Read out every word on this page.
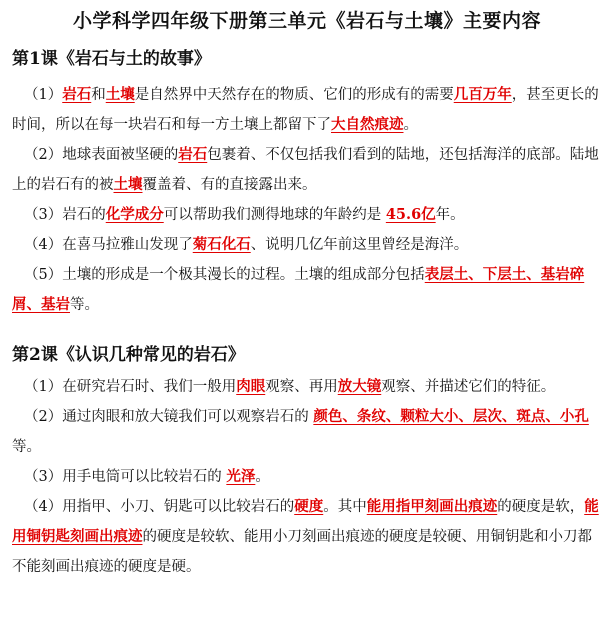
小学科学四年级下册第三单元《岩石与土壤》主要内容
第1课《岩石与土的故事》

（1）岩石和土壤是自然界中天然存在的物质、它们的形成有的需要几百万年，甚至更长的时间，所以在每一块岩石和每一方土壤上都留下了大自然痕迹。

（2）地球表面被坚硬的岩石包裹着、不仅包括我们看到的陆地，还包括海洋的底部。陆地上的岩石有的被土壤覆盖着、有的直接露出来。

（3）岩石的化学成分可以帮助我们测得地球的年龄约是 45.6亿年。

（4）在喜马拉雅山发现了菊石化石、说明几亿年前这里曾经是海洋。

（5）土壤的形成是一个极其漫长的过程。土壤的组成部分包括表层土、下层土、基岩碎屑、基岩等。

第2课《认识几种常见的岩石》

（1）在研究岩石时、我们一般用肉眼观察、再用放大镜观察、并描述它们的特征。

（2）通过肉眼和放大镜我们可以观察岩石的 颜色、条纹、颗粒大小、层次、斑点、小孔等。

（3）用手电筒可以比较岩石的 光泽。

（4）用指甲、小刀、钥匙可以比较岩石的硬度。其中能用指甲刻画出痕迹的硬度是软，能用铜钥匙刻画出痕迹的硬度是较软、能用小刀刻画出痕迹的硬度是较硬、用铜钥匙和小刀都不能刻画出痕迹的硬度是硬。
